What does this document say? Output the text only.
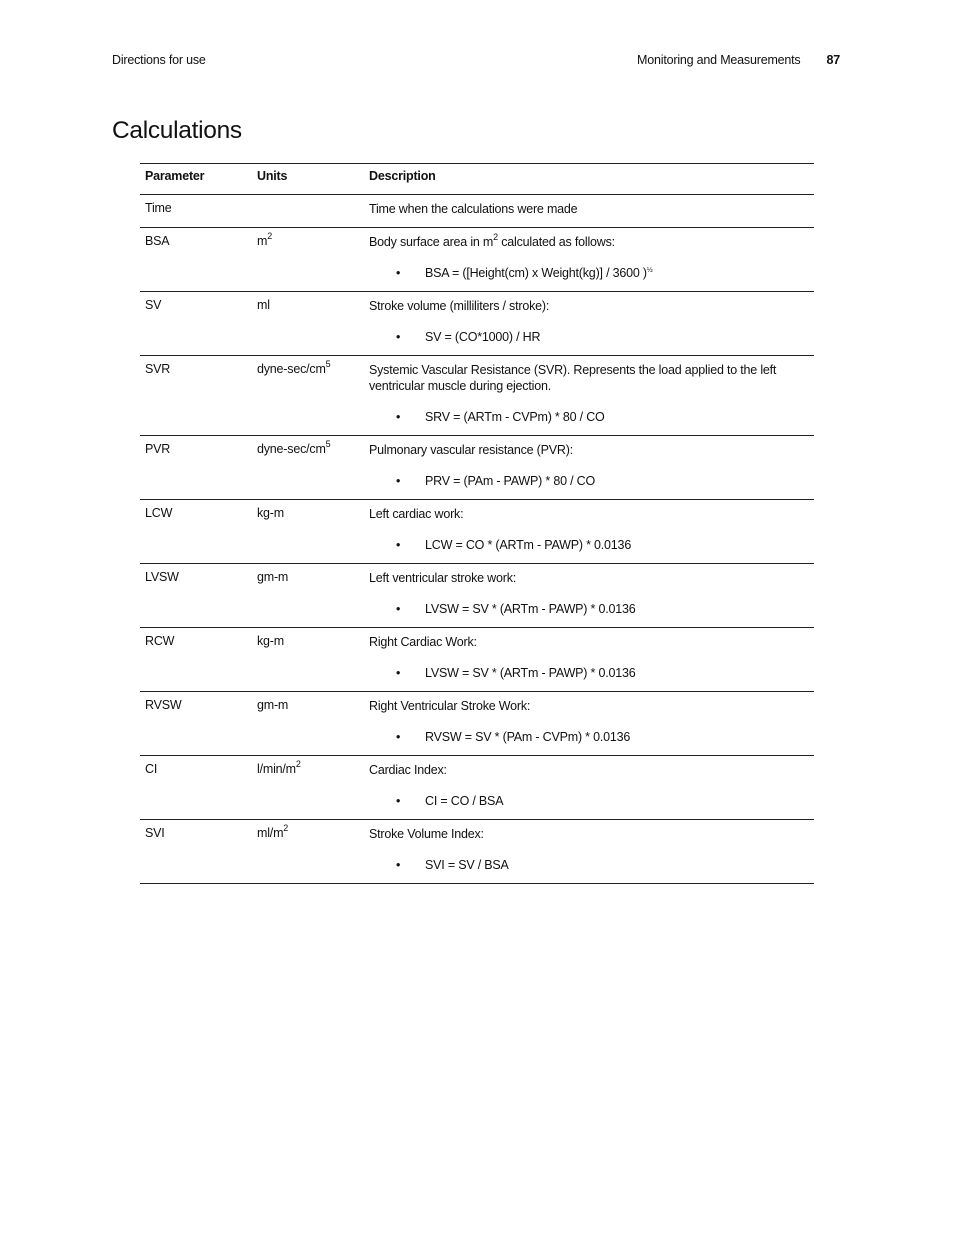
Directions for use	Monitoring and Measurements 87
Calculations
Parameter	Units	Description
Time		Time when the calculations were made

BSA	$m^2$	Body surface area in $m^2$ calculated as follows:
• BSA = ([Height(cm) x Weight(kg)] / 3600 )$^{\frac{1}{2}}$

SV	ml	Stroke volume (milliliters / stroke):
• SV = (CO*1000) / HR

SVR	dyne-$\sec/cm^5$	Systemic Vascular Resistance (SVR). Represents the load applied to the left ventricular muscle during ejection.
• SRV = (ARTm - CVPm) * 80 / CO

PVR	dyne-$\sec/cm^5$	Pulmonary vascular resistance (PVR):
• PRV = (PAm - PAWP) * 80 / CO

LCW	kg-m	Left cardiac work:
• LCW = CO * (ARTm - PAWP) * 0.0136

LVSW	gm-m	Left ventricular stroke work:
• LVSW = SV * (ARTm - PAWP) * 0.0136

RCW	kg-m	Right Cardiac Work:
• LVSW = SV * (ARTm - PAWP) * 0.0136

RVSW	gm-m	Right Ventricular Stroke Work:
• RVSW = SV * (PAm - CVPm) * 0.0136

CI	$l/\min/m^2$	Cardiac Index:
• CI = CO / BSA

SVI	$ml/m^2$	Stroke Volume Index:
• SVI = SV / BSA
